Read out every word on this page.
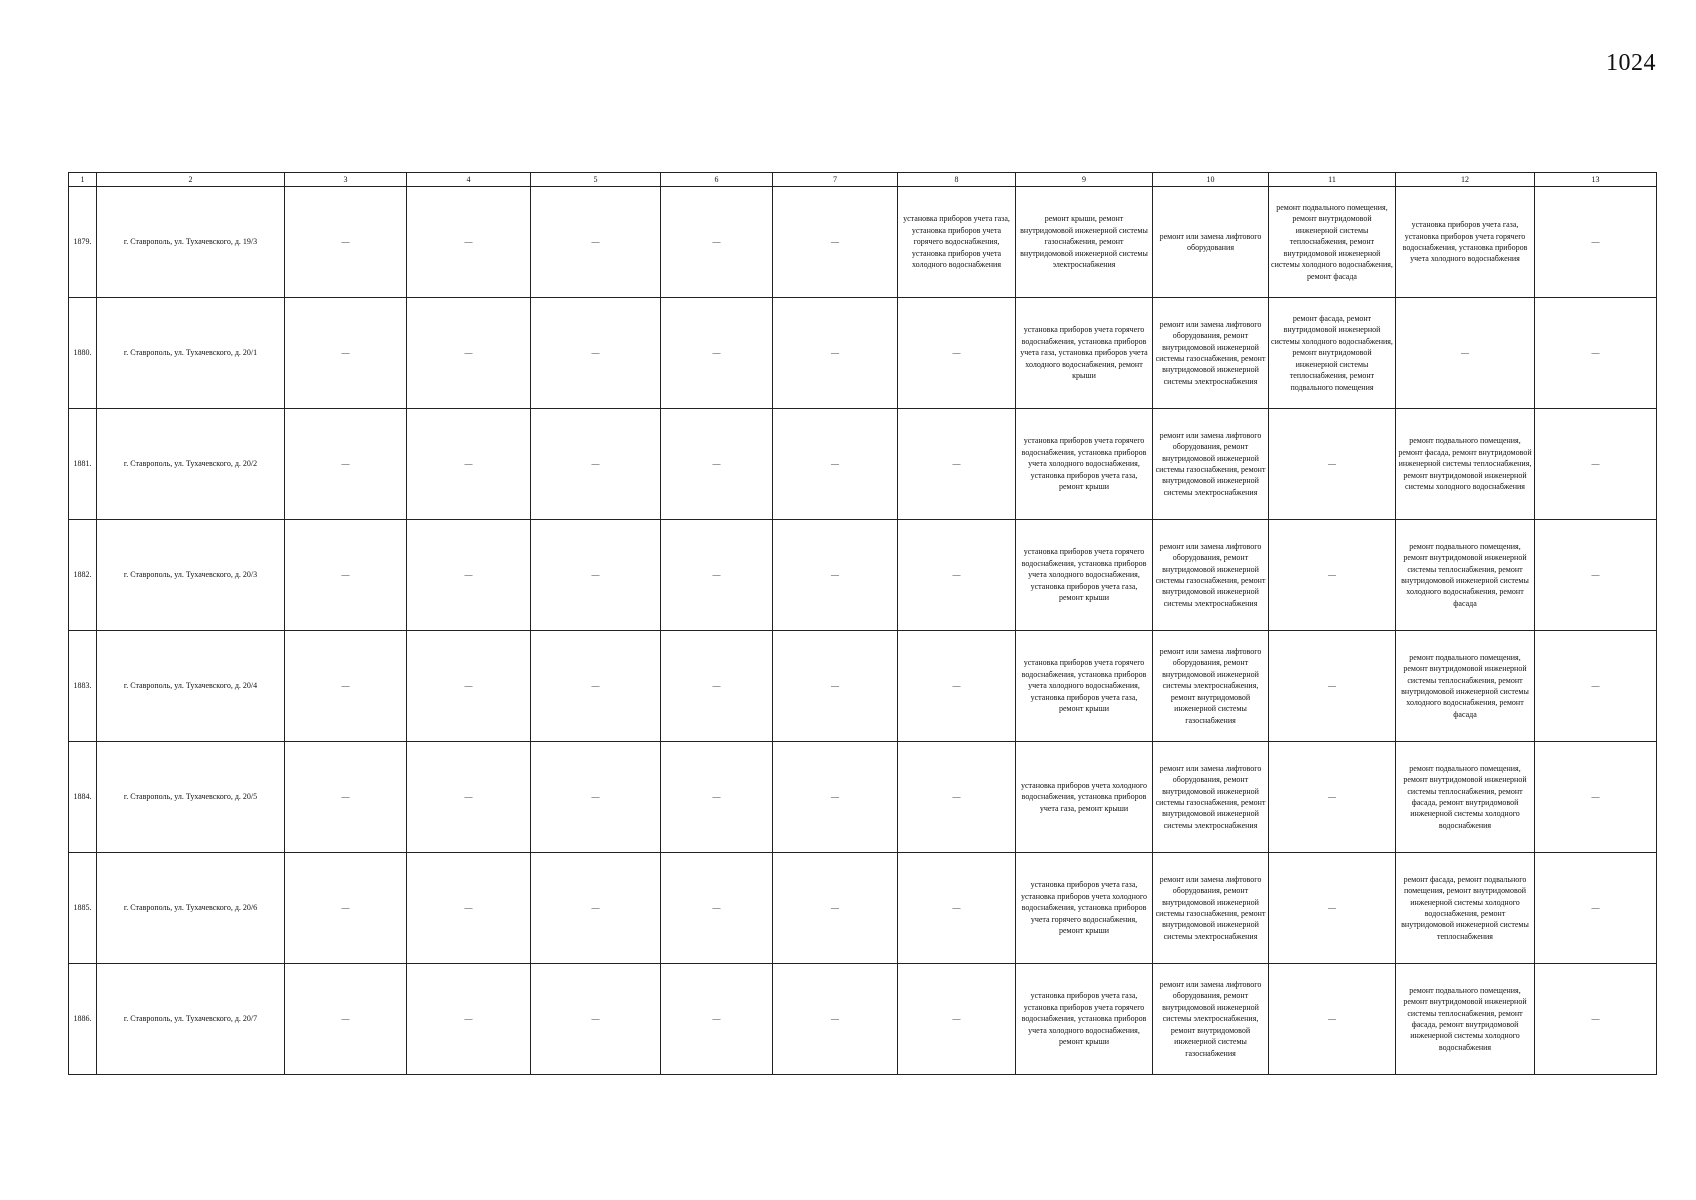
1024
1	2	3	4	5	6	7	8	9	10	11	12	13
1879.	г. Ставрополь, ул. Тухачевского, д. 19/3	—	—	—	—	—	установка приборов учета газа, установка приборов учета горячего водоснабжения, установка приборов учета холодного водоснабжения	ремонт крыши, ремонт внутридомовой инженерной системы газоснабжения, ремонт внутридомовой инженерной системы электроснабжения	ремонт или замена лифтового оборудования	ремонт подвального помещения, ремонт внутридомовой инженерной системы теплоснабжения, ремонт внутридомовой инженерной системы холодного водоснабжения, ремонт фасада	установка приборов учета газа, установка приборов учета горячего водоснабжения, установка приборов учета холодного водоснабжения	—
1880.	г. Ставрополь, ул. Тухачевского, д. 20/1	—	—	—	—	—	—	установка приборов учета горячего водоснабжения, установка приборов учета газа, установка приборов учета холодного водоснабжения, ремонт крыши	ремонт или замена лифтового оборудования, ремонт внутридомовой инженерной системы газоснабжения, ремонт внутридомовой инженерной системы электроснабжения	ремонт фасада, ремонт внутридомовой инженерной системы холодного водоснабжения, ремонт внутридомовой инженерной системы теплоснабжения, ремонт подвального помещения	—	—
1881.	г. Ставрополь, ул. Тухачевского, д. 20/2	—	—	—	—	—	—	установка приборов учета горячего водоснабжения, установка приборов учета холодного водоснабжения, установка приборов учета газа, ремонт крыши	ремонт или замена лифтового оборудования, ремонт внутридомовой инженерной системы газоснабжения, ремонт внутридомовой инженерной системы электроснабжения	—	ремонт подвального помещения, ремонт фасада, ремонт внутридомовой инженерной системы теплоснабжения, ремонт внутридомовой инженерной системы холодного водоснабжения	—
1882.	г. Ставрополь, ул. Тухачевского, д. 20/3	—	—	—	—	—	—	установка приборов учета горячего водоснабжения, установка приборов учета холодного водоснабжения, установка приборов учета газа, ремонт крыши	ремонт или замена лифтового оборудования, ремонт внутридомовой инженерной системы газоснабжения, ремонт внутридомовой инженерной системы электроснабжения	—	ремонт подвального помещения, ремонт внутридомовой инженерной системы теплоснабжения, ремонт внутридомовой инженерной системы холодного водоснабжения, ремонт фасада	—
1883.	г. Ставрополь, ул. Тухачевского, д. 20/4	—	—	—	—	—	—	установка приборов учета горячего водоснабжения, установка приборов учета холодного водоснабжения, установка приборов учета газа, ремонт крыши	ремонт или замена лифтового оборудования, ремонт внутридомовой инженерной системы электроснабжения, ремонт внутридомовой инженерной системы газоснабжения	—	ремонт подвального помещения, ремонт внутридомовой инженерной системы теплоснабжения, ремонт внутридомовой инженерной системы холодного водоснабжения, ремонт фасада	—
1884.	г. Ставрополь, ул. Тухачевского, д. 20/5	—	—	—	—	—	—	установка приборов учета холодного водоснабжения, установка приборов учета газа, ремонт крыши	ремонт или замена лифтового оборудования, ремонт внутридомовой инженерной системы газоснабжения, ремонт внутридомовой инженерной системы электроснабжения	—	ремонт подвального помещения, ремонт внутридомовой инженерной системы теплоснабжения, ремонт фасада, ремонт внутридомовой инженерной системы холодного водоснабжения	—
1885.	г. Ставрополь, ул. Тухачевского, д. 20/6	—	—	—	—	—	—	установка приборов учета газа, установка приборов учета холодного водоснабжения, установка приборов учета горячего водоснабжения, ремонт крыши	ремонт или замена лифтового оборудования, ремонт внутридомовой инженерной системы газоснабжения, ремонт внутридомовой инженерной системы электроснабжения	—	ремонт фасада, ремонт подвального помещения, ремонт внутридомовой инженерной системы холодного водоснабжения, ремонт внутридомовой инженерной системы теплоснабжения	—
1886.	г. Ставрополь, ул. Тухачевского, д. 20/7	—	—	—	—	—	—	установка приборов учета газа, установка приборов учета горячего водоснабжения, установка приборов учета холодного водоснабжения, ремонт крыши	ремонт или замена лифтового оборудования, ремонт внутридомовой инженерной системы электроснабжения, ремонт внутридомовой инженерной системы газоснабжения	—	ремонт подвального помещения, ремонт внутридомовой инженерной системы теплоснабжения, ремонт фасада, ремонт внутридомовой инженерной системы холодного водоснабжения	—
